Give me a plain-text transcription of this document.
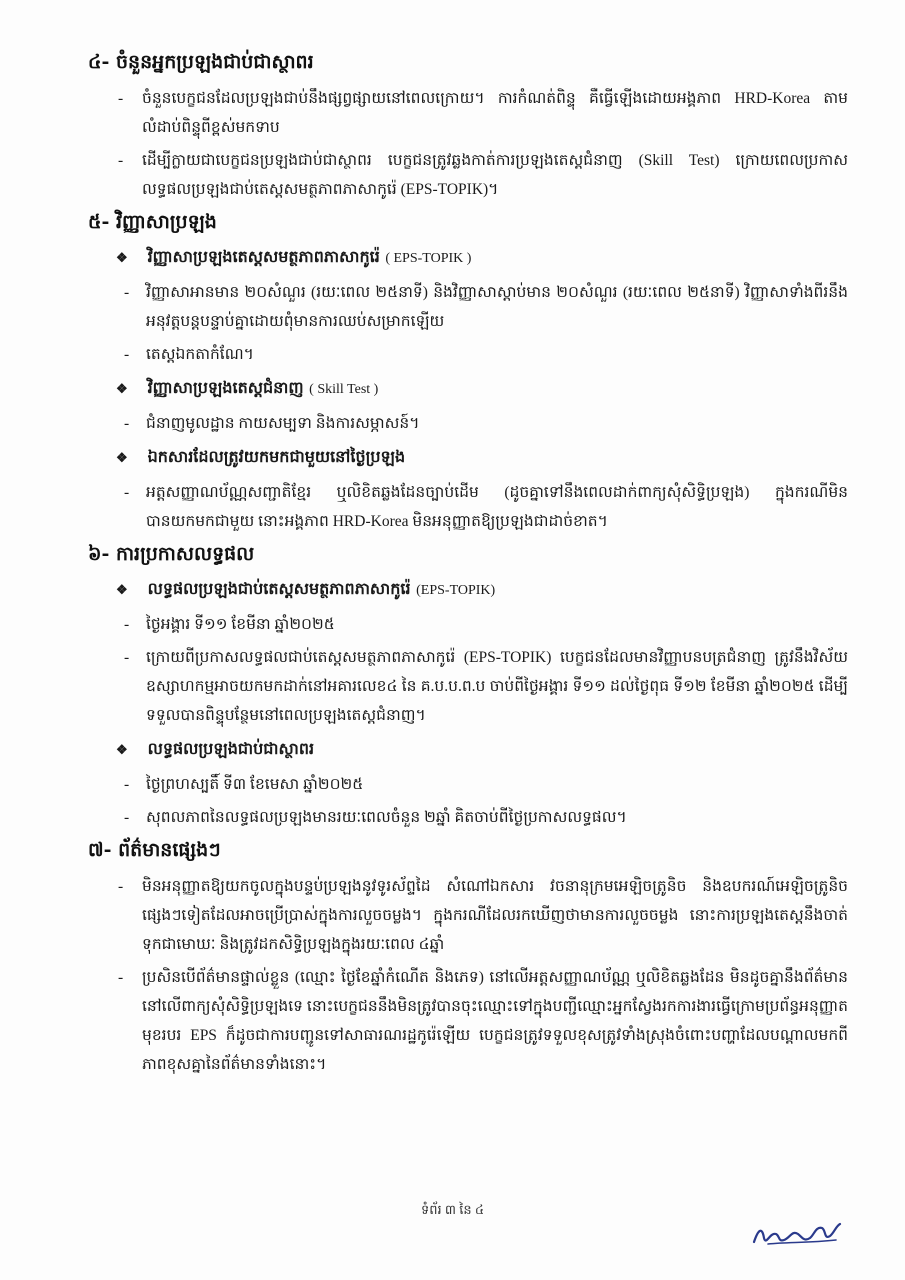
៤- ចំនួនអ្នកប្រឡងជាប់ជាស្ថាពរ
- ចំនួនបេក្ខជនដែលប្រឡងជាប់នឹងផ្សព្វផ្សាយនៅពេលក្រោយ។ ការកំណត់ពិន្ទុ គឺធ្វើឡើងដោយអង្គភាព HRD-Korea តាមលំដាប់ពិន្ទុពីខ្ពស់មកទាប
- ដើម្បីក្លាយជាបេក្ខជនប្រឡងជាប់ជាស្ថាពរ បេក្ខជនត្រូវឆ្លងកាត់ការប្រឡងតេស្តជំនាញ (Skill Test) ក្រោយពេលប្រកាសលទ្ធផលប្រឡងជាប់តេស្តសមត្ថភាពភាសាកូរ៉េ (EPS-TOPIK)។
៥- វិញ្ញាសាប្រឡង
❖ វិញ្ញាសាប្រឡងតេស្តសមត្ថភាពភាសាកូរ៉េ ( EPS-TOPIK )
- វិញ្ញាសាអានមាន ២០សំណួរ (រយៈពេល ២៥នាទី) និងវិញ្ញាសាស្តាប់មាន ២០សំណួរ (រយៈពេល ២៥នាទី) វិញ្ញាសាទាំងពីរនឹងអនុវត្តបន្តបន្ទាប់គ្នាដោយពុំមានការឈប់សម្រាកឡើយ
- តេស្តឯកតាកំណែ។
❖ វិញ្ញាសាប្រឡងតេស្តជំនាញ ( Skill Test )
- ជំនាញមូលដ្ឋាន កាយសម្បទា និងការសម្ភាសន៍។
❖ ឯកសារដែលត្រូវយកមកជាមួយនៅថ្ងៃប្រឡង
- អត្តសញ្ញាណប័ណ្ណសញ្ជាតិខ្មែរ ឬលិខិតឆ្លងដែនច្បាប់ដើម (ដូចគ្នាទៅនឹងពេលដាក់ពាក្យសុំសិទ្ធិប្រឡង) ក្នុងករណីមិនបានយកមកជាមួយ នោះអង្គភាព HRD-Korea មិនអនុញ្ញាតឱ្យប្រឡងជាដាច់ខាត។
៦- ការប្រកាសលទ្ធផល
❖ លទ្ធផលប្រឡងជាប់តេស្តសមត្ថភាពភាសាកូរ៉េ (EPS-TOPIK)
- ថ្ងៃអង្គារ ទី១១ ខែមីនា ឆ្នាំ២០២៥
- ក្រោយពីប្រកាសលទ្ធផលជាប់តេស្តសមត្ថភាពភាសាកូរ៉េ (EPS-TOPIK) បេក្ខជនដែលមានវិញ្ញាបនបត្រជំនាញ ត្រូវនឹងវិស័យឧស្សាហកម្មអាចយកមកដាក់នៅអគារលេខ៤ នៃ គ.ប.ប.ព.ប ចាប់ពីថ្ងៃអង្គារ ទី១១ ដល់ថ្ងៃពុធ ទី១២ ខែមីនា ឆ្នាំ២០២៥ ដើម្បីទទួលបានពិន្ទុបន្ថែមនៅពេលប្រឡងតេស្តជំនាញ។
❖ លទ្ធផលប្រឡងជាប់ជាស្ថាពរ
- ថ្ងៃព្រហស្បតិ៍ ទី៣ ខែមេសា ឆ្នាំ២០២៥
- សុពលភាពនៃលទ្ធផលប្រឡងមានរយៈពេលចំនួន ២ឆ្នាំ គិតចាប់ពីថ្ងៃប្រកាសលទ្ធផល។
៧- ព័ត៌មានផ្សេងៗ
- មិនអនុញ្ញាតឱ្យយកចូលក្នុងបន្ទប់ប្រឡងនូវទូរស័ព្ទដៃ សំណៅឯកសារ វចនានុក្រមអេឡិចត្រូនិច និងឧបករណ៍អេឡិចត្រូនិចផ្សេងៗទៀតដែលអាចប្រើប្រាស់ក្នុងការលួចចម្លង។ ក្នុងករណីដែលរកឃើញថាមានការលួចចម្លង នោះការប្រឡងតេស្តនឹងចាត់ទុកជាមោឃៈ និងត្រូវដកសិទ្ធិប្រឡងក្នុងរយៈពេល ៤ឆ្នាំ
- ប្រសិនបើព័ត៌មានផ្ទាល់ខ្លួន (ឈ្មោះ ថ្ងៃខែឆ្នាំកំណើត និងភេទ) នៅលើអត្តសញ្ញាណប័ណ្ណ ឬលិខិតឆ្លងដែន មិនដូចគ្នានឹងព័ត៌មាននៅលើពាក្យសុំសិទ្ធិប្រឡងទេ នោះបេក្ខជននឹងមិនត្រូវបានចុះឈ្មោះទៅក្នុងបញ្ជីឈ្មោះអ្នកស្វែងរកការងារធ្វើក្រោមប្រព័ន្ធអនុញ្ញាតមុខរបរ EPS ក៏ដូចជាការបញ្ជូនទៅសាធារណរដ្ឋកូរ៉េឡើយ បេក្ខជនត្រូវទទួលខុសត្រូវទាំងស្រុងចំពោះបញ្ហាដែលបណ្ដាលមកពីភាពខុសគ្នានៃព័ត៌មានទាំងនោះ។
ទំព័រ ៣ នៃ ៤
